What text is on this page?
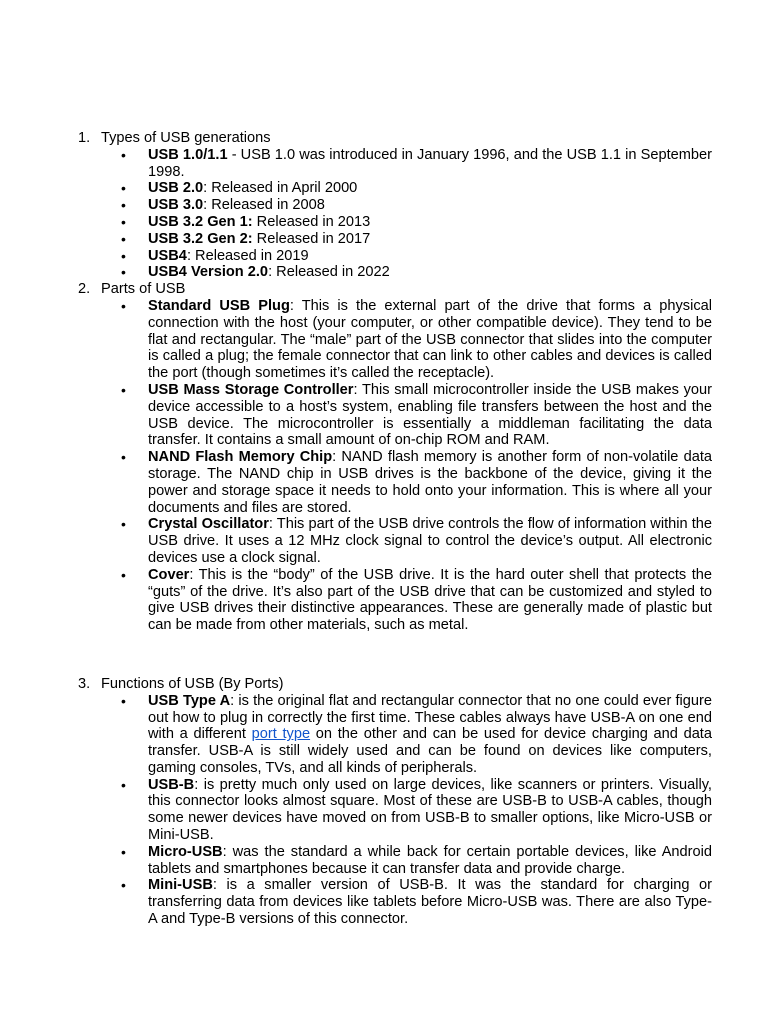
1. Types of USB generations
• USB 1.0/1.1 - USB 1.0 was introduced in January 1996, and the USB 1.1 in September 1998.
• USB 2.0: Released in April 2000
• USB 3.0: Released in 2008
• USB 3.2 Gen 1: Released in 2013
• USB 3.2 Gen 2: Released in 2017
• USB4: Released in 2019
• USB4 Version 2.0: Released in 2022
2. Parts of USB
• Standard USB Plug: This is the external part of the drive that forms a physical connection with the host (your computer, or other compatible device). They tend to be flat and rectangular. The “male” part of the USB connector that slides into the computer is called a plug; the female connector that can link to other cables and devices is called the port (though sometimes it’s called the receptacle).
• USB Mass Storage Controller: This small microcontroller inside the USB makes your device accessible to a host’s system, enabling file transfers between the host and the USB device. The microcontroller is essentially a middleman facilitating the data transfer. It contains a small amount of on-chip ROM and RAM.
• NAND Flash Memory Chip: NAND flash memory is another form of non-volatile data storage. The NAND chip in USB drives is the backbone of the device, giving it the power and storage space it needs to hold onto your information. This is where all your documents and files are stored.
• Crystal Oscillator: This part of the USB drive controls the flow of information within the USB drive. It uses a 12 MHz clock signal to control the device’s output. All electronic devices use a clock signal.
• Cover: This is the “body” of the USB drive. It is the hard outer shell that protects the “guts” of the drive. It’s also part of the USB drive that can be customized and styled to give USB drives their distinctive appearances. These are generally made of plastic but can be made from other materials, such as metal.
3. Functions of USB (By Ports)
• USB Type A: is the original flat and rectangular connector that no one could ever figure out how to plug in correctly the first time. These cables always have USB-A on one end with a different port type on the other and can be used for device charging and data transfer. USB-A is still widely used and can be found on devices like computers, gaming consoles, TVs, and all kinds of peripherals.
• USB-B: is pretty much only used on large devices, like scanners or printers. Visually, this connector looks almost square. Most of these are USB-B to USB-A cables, though some newer devices have moved on from USB-B to smaller options, like Micro-USB or Mini-USB.
• Micro-USB: was the standard a while back for certain portable devices, like Android tablets and smartphones because it can transfer data and provide charge.
• Mini-USB: is a smaller version of USB-B. It was the standard for charging or transferring data from devices like tablets before Micro-USB was. There are also Type-A and Type-B versions of this connector.
